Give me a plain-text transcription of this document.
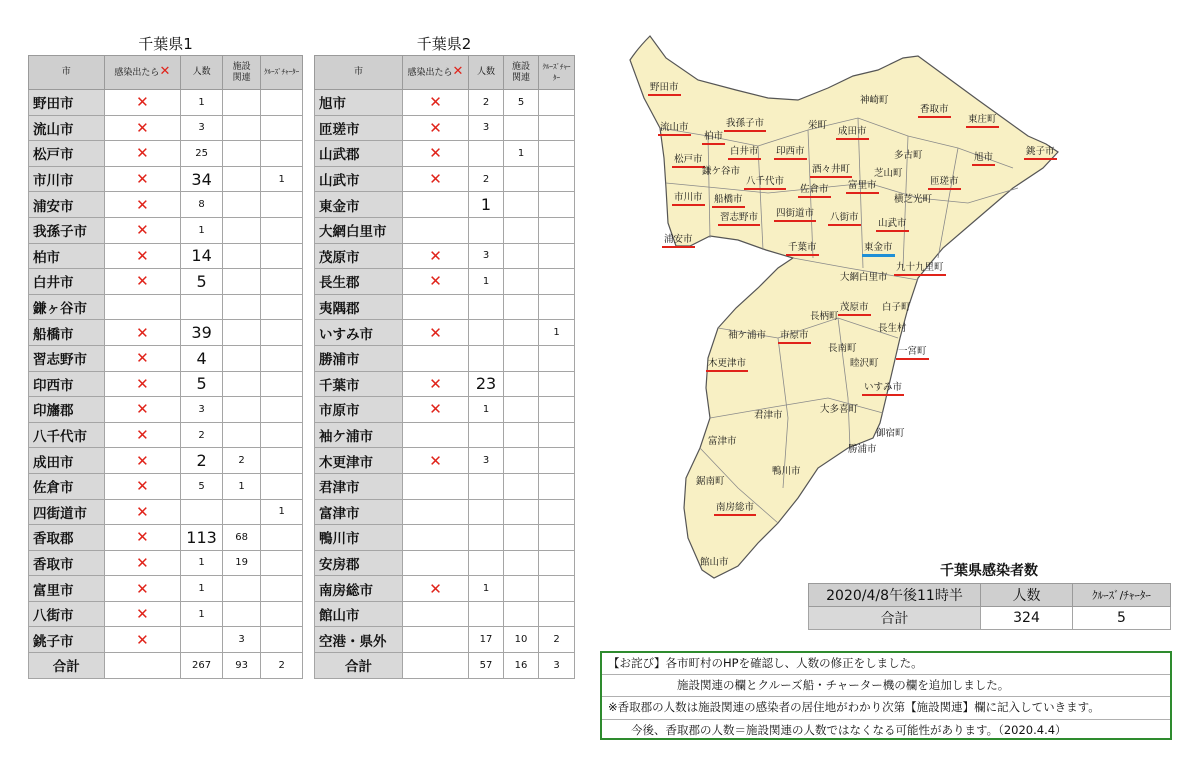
千葉県1
市	感染出たら✕	人数	施設関連	ｸﾙｰｽﾞﾁｬｰﾀｰ
野田市	✕	1		
流山市	✕	3		
松戸市	✕	25		
市川市	✕	34		1
浦安市	✕	8		
我孫子市	✕	1		
柏市	✕	14		
白井市	✕	5		
鎌ヶ谷市				
船橋市	✕	39		
習志野市	✕	4		
印西市	✕	5		
印旛郡	✕	3		
八千代市	✕	2		
成田市	✕	2	2	
佐倉市	✕	5	1	
四街道市	✕			1
香取郡	✕	113	68	
香取市	✕	1	19	
富里市	✕	1		
八街市	✕	1		
銚子市	✕		3	
合計		267	93	2
千葉県2
市	感染出たら✕	人数	施設関連	ｸﾙｰｽﾞﾁｬｰﾀｰ
旭市	✕	2	5	
匝瑳市	✕	3		
山武郡	✕		1	
山武市	✕	2		
東金市		1		
大網白里市				
茂原市	✕	3		
長生郡	✕	1		
夷隅郡				
いすみ市	✕			1
勝浦市				
千葉市	✕	23		
市原市	✕	1		
袖ケ浦市				
木更津市	✕	3		
君津市				
富津市				
鴨川市				
安房郡				
南房総市	✕	1		
館山市				
空港・県外		17	10	2
合計		57	16	3
野田市
流山市	我孫子市	栄町
神崎町
香取市
東庄町
柏市	成田市
白井市 印西市	多古町	旭市
銚子市
松戸市
鎌ケ谷市	酒々井町	芝山町
八千代市	富里市	匝瑳市
佐倉市
市川市 船橋市	横芝光町
四街道市
習志野市	八街市
山武市
浦安市
千葉市	東金市
九十九里町
大網白里市
茂原市 白子町
長柄町
長生村
袖ケ浦市 市原市
長南町	一宮町
睦沢町
木更津市
いすみ市
君津市
大多喜町
御宿町
富津市
勝浦市
鋸南町
鴨川市
南房総市
館山市
千葉県感染者数
2020/4/8午後11時半	人数	ｸﾙｰｽﾞ/ﾁｬｰﾀｰ
合計	324	5
【お詫び】各市町村のHPを確認し、人数の修正をしました。
　　　　　　施設関連の欄とクルーズ船・チャーター機の欄を追加しました。
※香取郡の人数は施設関連の感染者の居住地がわかり次第【施設関連】欄に記入していきます。
　　今後、香取郡の人数＝施設関連の人数ではなくなる可能性があります。（2020.4.4）
